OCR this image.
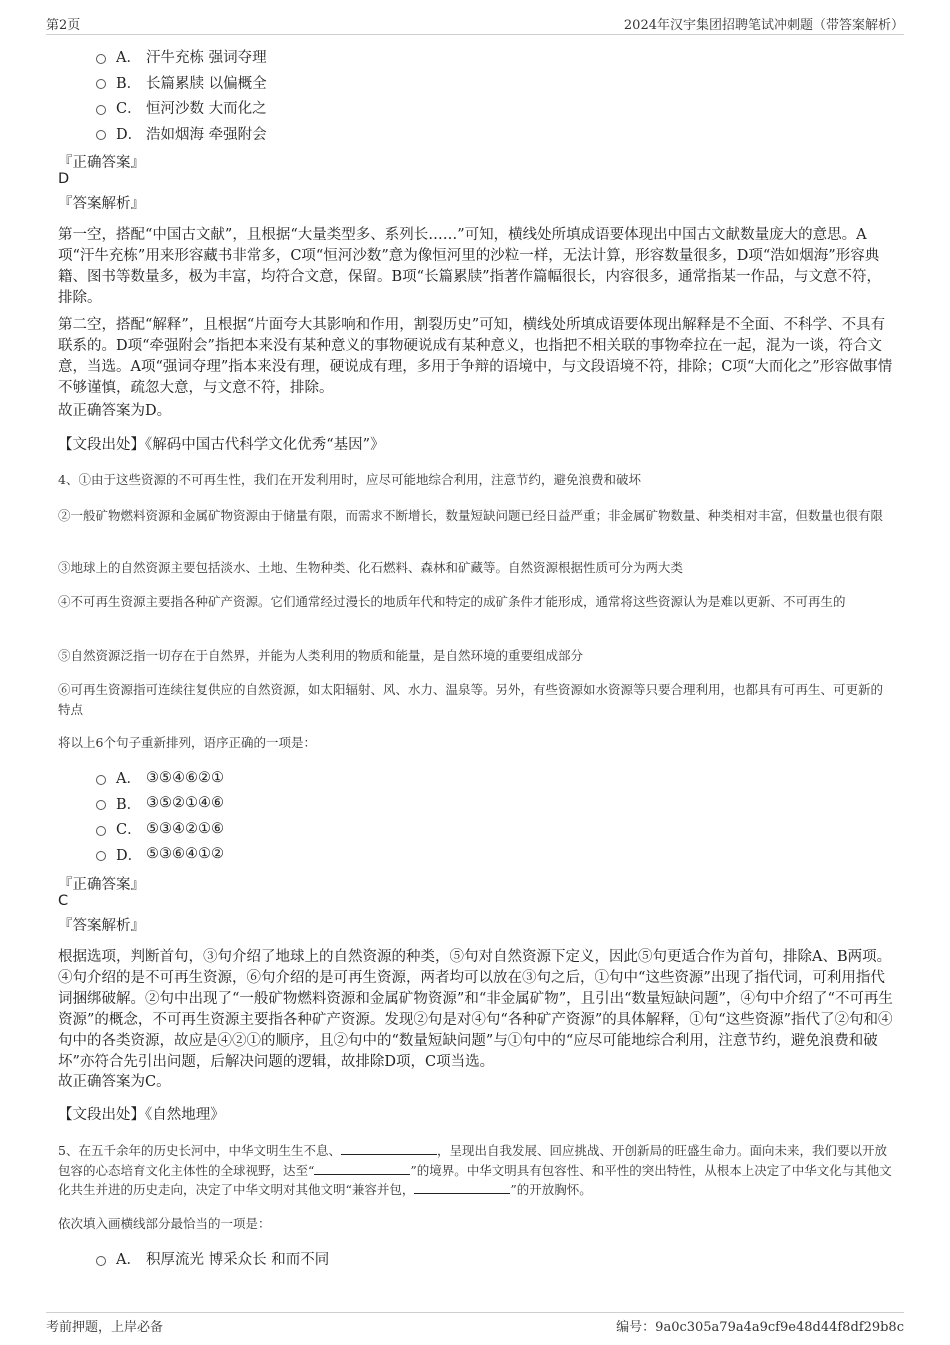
第2页	2024年汉宇集团招聘笔试冲刺题（带答案解析）
A． 汗牛充栋 强词夺理
B． 长篇累牍 以偏概全
C． 恒河沙数 大而化之
D． 浩如烟海 牵强附会
『正确答案』
D
『答案解析』
第一空，搭配“中国古文献”，且根据“大量类型多、系列长……”可知，横线处所填成语要体现出中国古文献数量庞大的意思。A项“汗牛充栋”用来形容藏书非常多，C项“恒河沙数”意为像恒河里的沙粒一样，无法计算，形容数量很多，D项“浩如烟海”形容典籍、图书等数量多，极为丰富，均符合文意，保留。B项“长篇累牍”指著作篇幅很长，内容很多，通常指某一作品，与文意不符，排除。
第二空，搭配“解释”，且根据“片面夸大其影响和作用，割裂历史”可知，横线处所填成语要体现出解释是不全面、不科学、不具有联系的。D项“牵强附会”指把本来没有某种意义的事物硬说成有某种意义，也指把不相关联的事物牵拉在一起，混为一谈，符合文意，当选。A项“强词夺理”指本来没有理，硬说成有理，多用于争辩的语境中，与文段语境不符，排除；C项“大而化之”形容做事情不够谨慎，疏忽大意，与文意不符，排除。
故正确答案为D。
【文段出处】《解码中国古代科学文化优秀“基因”》
4、①由于这些资源的不可再生性，我们在开发利用时，应尽可能地综合利用，注意节约，避免浪费和破坏
②一般矿物燃料资源和金属矿物资源由于储量有限，而需求不断增长，数量短缺问题已经日益严重；非金属矿物数量、种类相对丰富，但数量也很有限
③地球上的自然资源主要包括淡水、土地、生物种类、化石燃料、森林和矿藏等。自然资源根据性质可分为两大类
④不可再生资源主要指各种矿产资源。它们通常经过漫长的地质年代和特定的成矿条件才能形成，通常将这些资源认为是难以更新、不可再生的
⑤自然资源泛指一切存在于自然界，并能为人类利用的物质和能量，是自然环境的重要组成部分
⑥可再生资源指可连续往复供应的自然资源，如太阳辐射、风、水力、温泉等。另外，有些资源如水资源等只要合理利用，也都具有可再生、可更新的特点
将以上6个句子重新排列，语序正确的一项是：
A． ③⑤④⑥②①
B． ③⑤②①④⑥
C． ⑤③④②①⑥
D． ⑤③⑥④①②
『正确答案』
C
『答案解析』
根据选项，判断首句，③句介绍了地球上的自然资源的种类，⑤句对自然资源下定义，因此⑤句更适合作为首句，排除A、B两项。④句介绍的是不可再生资源，⑥句介绍的是可再生资源，两者均可以放在③句之后，①句中“这些资源”出现了指代词，可利用指代词捆绑破解。②句中出现了“一般矿物燃料资源和金属矿物资源”和“非金属矿物”，且引出“数量短缺问题”，④句中介绍了“不可再生资源”的概念，不可再生资源主要指各种矿产资源。发现②句是对④句“各种矿产资源”的具体解释，①句“这些资源”指代了②句和④句中的各类资源，故应是④②①的顺序，且②句中的“数量短缺问题”与①句中的“应尽可能地综合利用，注意节约，避免浪费和破坏”亦符合先引出问题，后解决问题的逻辑，故排除D项，C项当选。
故正确答案为C。
【文段出处】《自然地理》
5、在五千余年的历史长河中，中华文明生生不息、	，呈现出自我发展、回应挑战、开创新局的旺盛生命力。面向未来，我们要以开放包容的心态培育文化主体性的全球视野，达至“	”的境界。中华文明具有包容性、和平性的突出特性，从根本上决定了中华文化与其他文化共生并进的历史走向，决定了中华文明对其他文明“兼容并包，	”的开放胸怀。
依次填入画横线部分最恰当的一项是：
A． 积厚流光 博采众长 和而不同
考前押题，上岸必备	编号：9a0c305a79a4a9cf9e48d44f8df29b8c
